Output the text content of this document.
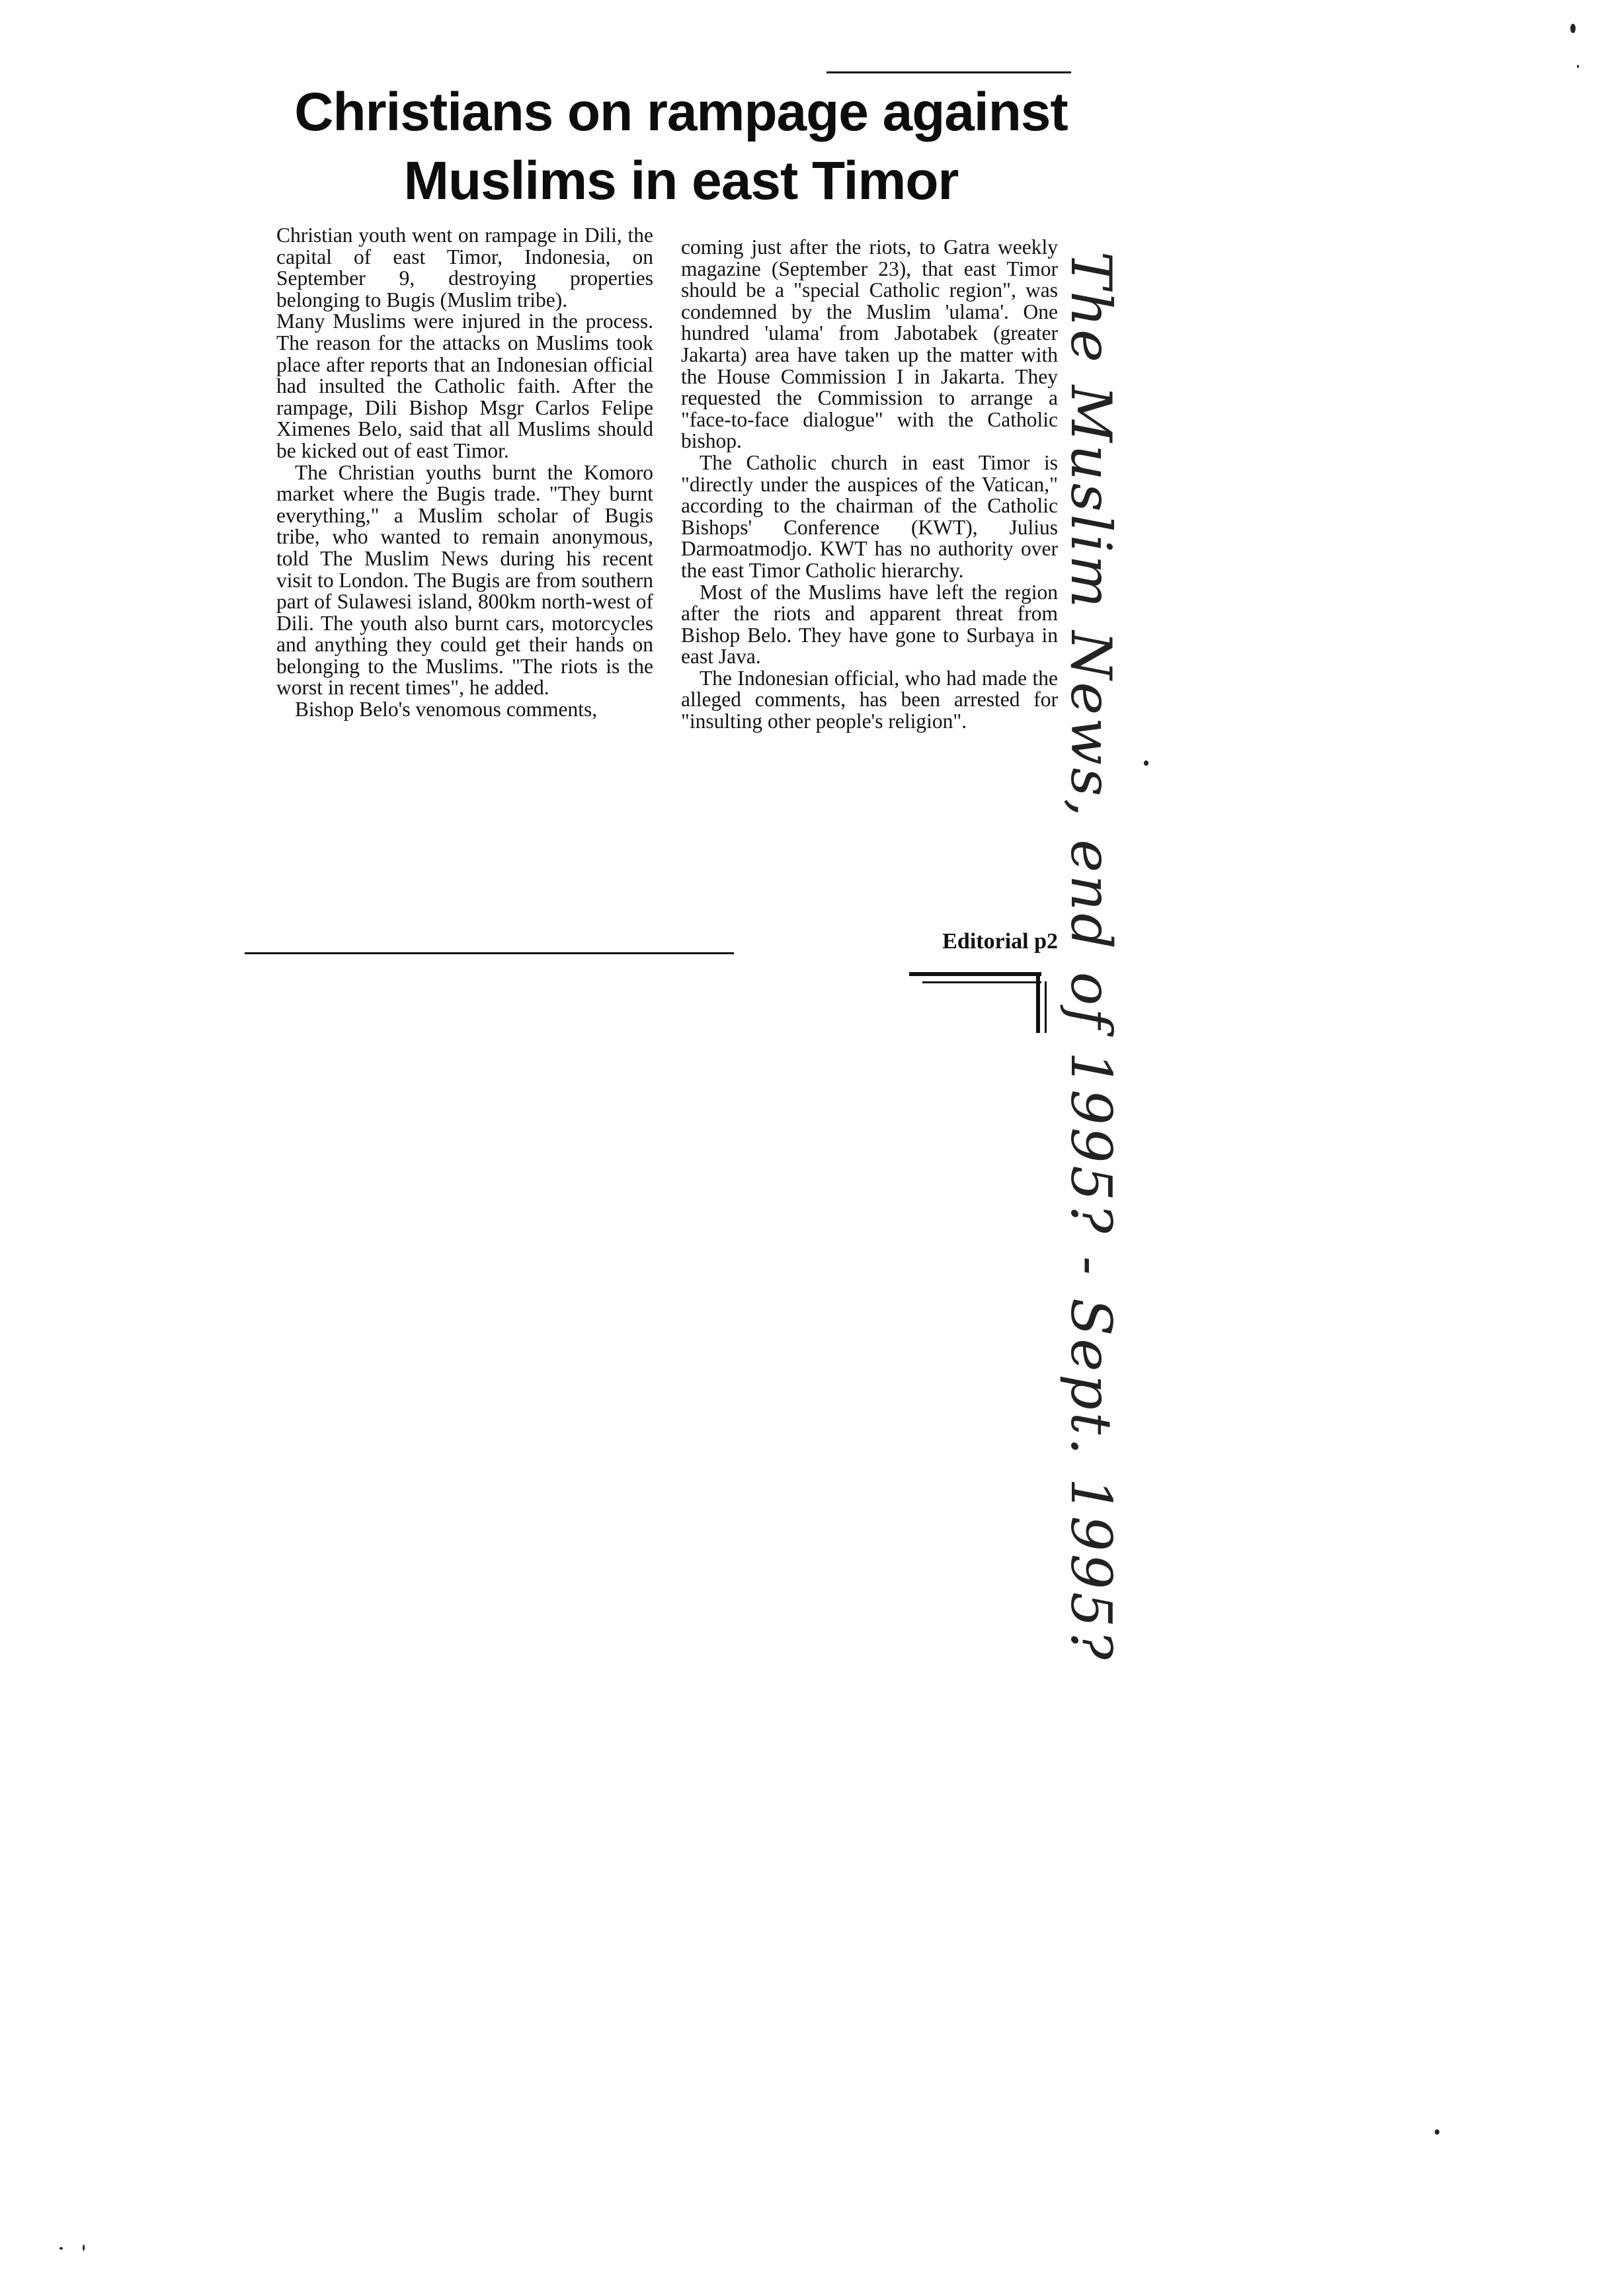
Christians on rampage against
Muslims in east Timor

Christian youth went on rampage in Dili, the capital of east Timor, Indonesia, on September 9, destroying properties belonging to Bugis (Muslim tribe).

Many Muslims were injured in the process. The reason for the attacks on Muslims took place after reports that an Indonesian official had insulted the Catholic faith. After the rampage, Dili Bishop Msgr Carlos Felipe Ximenes Belo, said that all Muslims should be kicked out of east Timor.

The Christian youths burnt the Komoro market where the Bugis trade. "They burnt everything," a Muslim scholar of Bugis tribe, who wanted to remain anonymous, told The Muslim News during his recent visit to London. The Bugis are from southern part of Sulawesi island, 800km north-west of Dili. The youth also burnt cars, motorcycles and anything they could get their hands on belonging to the Muslims. "The riots is the worst in recent times", he added.

Bishop Belo's venomous comments,

coming just after the riots, to Gatra weekly magazine (September 23), that east Timor should be a "special Catholic region", was condemned by the Muslim 'ulama'. One hundred 'ulama' from Jabotabek (greater Jakarta) area have taken up the matter with the House Commission I in Jakarta. They requested the Commission to arrange a "face-to-face dialogue" with the Catholic bishop.

The Catholic church in east Timor is "directly under the auspices of the Vatican," according to the chairman of the Catholic Bishops' Conference (KWT), Julius Darmoatmodjo. KWT has no authority over the east Timor Catholic hierarchy.

Most of the Muslims have left the region after the riots and apparent threat from Bishop Belo. They have gone to Surbaya in east Java.

The Indonesian official, who had made the alleged comments, has been arrested for "insulting other people's religion".

Editorial p2 The Muslim News, end of 1995? - Sept. 1995?
